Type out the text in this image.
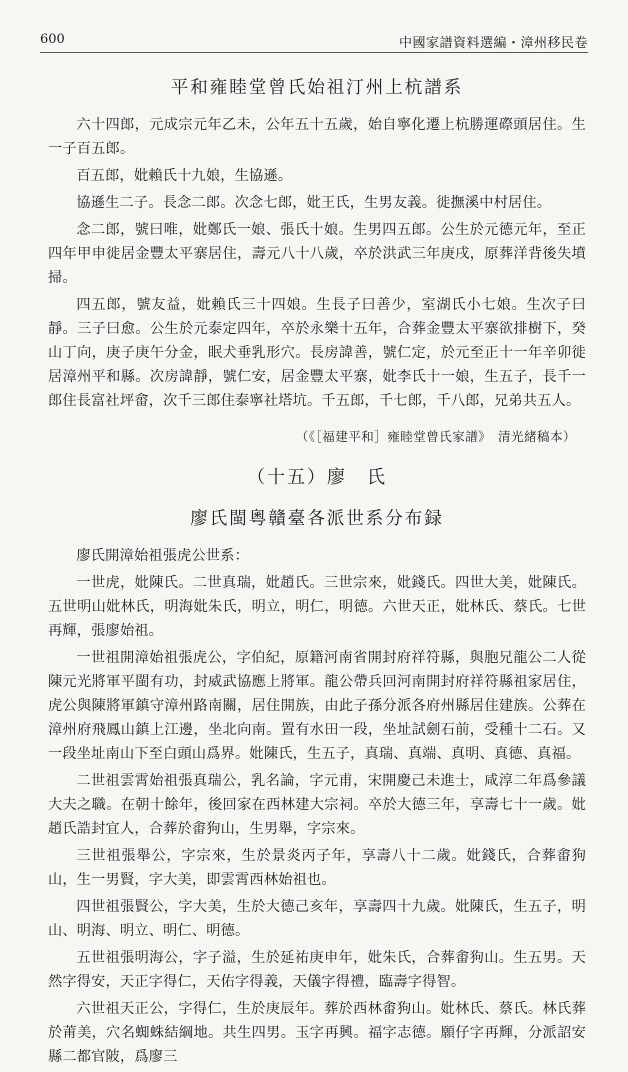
600	中國家譜資料選編・漳州移民卷
平和雍睦堂曾氏始祖汀州上杭譜系

六十四郎，元成宗元年乙未，公年五十五歲，始自寧化遷上杭勝運磜頭居住。生一子百五郎。

百五郎，妣賴氏十九娘，生協遜。

協遜生二子。長念二郎。次念七郎，妣王氏，生男友義。徙撫溪中村居住。

念二郎，號曰唯，妣鄭氏一娘、張氏十娘。生男四五郎。公生於元德元年，至正四年甲申徙居金豐太平寨居住，壽元八十八歲，卒於洪武三年庚戌，原葬洋背後失墳掃。

四五郎，號友益，妣賴氏三十四娘。生長子曰善少，室湖氏小七娘。生次子曰靜。三子曰愈。公生於元泰定四年，卒於永樂十五年，合葬金豐太平寨欲排樹下，癸山丁向，庚子庚午分金，眠犬垂乳形穴。長房諱善，號仁定，於元至正十一年辛卯徙居漳州平和縣。次房諱靜，號仁安，居金豐太平寨，妣李氏十一娘，生五子，長千一郎住長富社坪畲，次千三郎住泰寧社塔坑。千五郎，千七郎，千八郎，兄弟共五人。

（《［福建平和］雍睦堂曾氏家譜》　清光緒稿本）

（十五）廖　氏
廖氏閩粵贛臺各派世系分布録

廖氏開漳始祖張虎公世系：

一世虎，妣陳氏。二世真瑞，妣趙氏。三世宗來，妣錢氏。四世大美，妣陳氏。五世明山妣林氏，明海妣朱氏，明立，明仁，明德。六世天正，妣林氏、蔡氏。七世再輝，張廖始祖。

一世祖開漳始祖張虎公，字伯紀，原籍河南省開封府祥符縣，與胞兄龍公二人從陳元光將軍平閩有功，封威武協應上將軍。龍公帶兵回河南開封府祥符縣祖家居住，虎公與陳將軍鎮守漳州路南關，居住開族，由此子孫分派各府州縣居住建族。公葬在漳州府飛鳳山鎮上江邊，坐北向南。置有水田一段，坐址試劍石前，受種十二石。又一段坐址南山下至白頭山爲界。妣陳氏，生五子，真瑞、真端、真明、真德、真福。

二世祖雲霄始祖張真瑞公，乳名論，字元甫，宋開慶己未進士，咸淳二年爲參議大夫之職。在朝十餘年，後回家在西林建大宗祠。卒於大德三年，享壽七十一歲。妣趙氏誥封宜人，合葬於畬狗山，生男舉，字宗來。

三世祖張舉公，字宗來，生於景炎丙子年，享壽八十二歲。妣錢氏，合葬畬狗山，生一男賢，字大美，即雲霄西林始祖也。

四世祖張賢公，字大美，生於大德己亥年，享壽四十九歲。妣陳氏，生五子，明山、明海、明立、明仁、明德。

五世祖張明海公，字子溢，生於延祐庚申年，妣朱氏，合葬畬狗山。生五男。天然字得安，天正字得仁，天佑字得義，天儀字得禮，臨壽字得智。

六世祖天正公，字得仁，生於庚辰年。葬於西林畬狗山。妣林氏、蔡氏。林氏葬於莆美，穴名蜘蛛結綱地。共生四男。玉字再興。福字志德。願仔字再輝，分派詔安縣二都官陂，爲廖三
